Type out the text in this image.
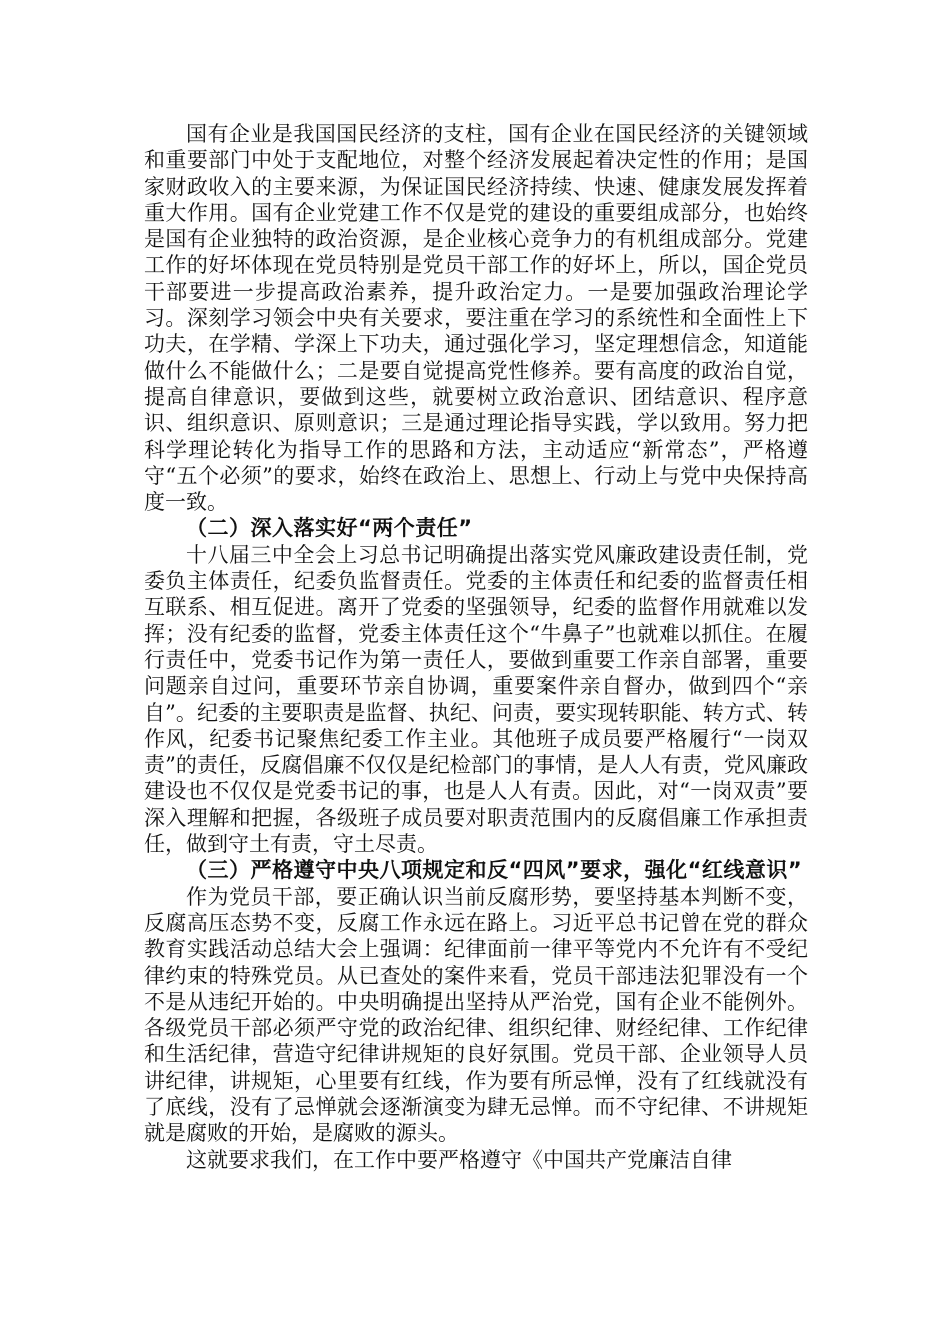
国有企业是我国国民经济的支柱，国有企业在国民经济的关键领域和重要部门中处于支配地位，对整个经济发展起着决定性的作用；是国家财政收入的主要来源，为保证国民经济持续、快速、健康发展发挥着重大作用。国有企业党建工作不仅是党的建设的重要组成部分，也始终是国有企业独特的政治资源，是企业核心竞争力的有机组成部分。党建工作的好坏体现在党员特别是党员干部工作的好坏上，所以，国企党员干部要进一步提高政治素养，提升政治定力。一是要加强政治理论学习。深刻学习领会中央有关要求，要注重在学习的系统性和全面性上下功夫，在学精、学深上下功夫，通过强化学习，坚定理想信念，知道能做什么不能做什么；二是要自觉提高党性修养。要有高度的政治自觉，提高自律意识，要做到这些，就要树立政治意识、团结意识、程序意识、组织意识、原则意识；三是通过理论指导实践，学以致用。努力把科学理论转化为指导工作的思路和方法，主动适应“新常态”，严格遵守“五个必须”的要求，始终在政治上、思想上、行动上与党中央保持高度一致。

（二）深入落实好“两个责任”

十八届三中全会上习总书记明确提出落实党风廉政建设责任制，党委负主体责任，纪委负监督责任。党委的主体责任和纪委的监督责任相互联系、相互促进。离开了党委的坚强领导，纪委的监督作用就难以发挥；没有纪委的监督，党委主体责任这个“牛鼻子”也就难以抓住。在履行责任中，党委书记作为第一责任人，要做到重要工作亲自部署，重要问题亲自过问，重要环节亲自协调，重要案件亲自督办，做到四个“亲自”。纪委的主要职责是监督、执纪、问责，要实现转职能、转方式、转作风，纪委书记聚焦纪委工作主业。其他班子成员要严格履行“一岗双责”的责任，反腐倡廉不仅仅是纪检部门的事情，是人人有责，党风廉政建设也不仅仅是党委书记的事，也是人人有责。因此，对“一岗双责”要深入理解和把握，各级班子成员要对职责范围内的反腐倡廉工作承担责任，做到守土有责，守土尽责。

（三）严格遵守中央八项规定和反“四风”要求，强化“红线意识”

作为党员干部，要正确认识当前反腐形势，要坚持基本判断不变，反腐高压态势不变，反腐工作永远在路上。习近平总书记曾在党的群众教育实践活动总结大会上强调：纪律面前一律平等党内不允许有不受纪律约束的特殊党员。从已查处的案件来看，党员干部违法犯罪没有一个不是从违纪开始的。中央明确提出坚持从严治党，国有企业不能例外。各级党员干部必须严守党的政治纪律、组织纪律、财经纪律、工作纪律和生活纪律，营造守纪律讲规矩的良好氛围。党员干部、企业领导人员讲纪律，讲规矩，心里要有红线，作为要有所忌惮，没有了红线就没有了底线，没有了忌惮就会逐渐演变为肆无忌惮。而不守纪律、不讲规矩就是腐败的开始，是腐败的源头。

这就要求我们，在工作中要严格遵守《中国共产党廉洁自律
